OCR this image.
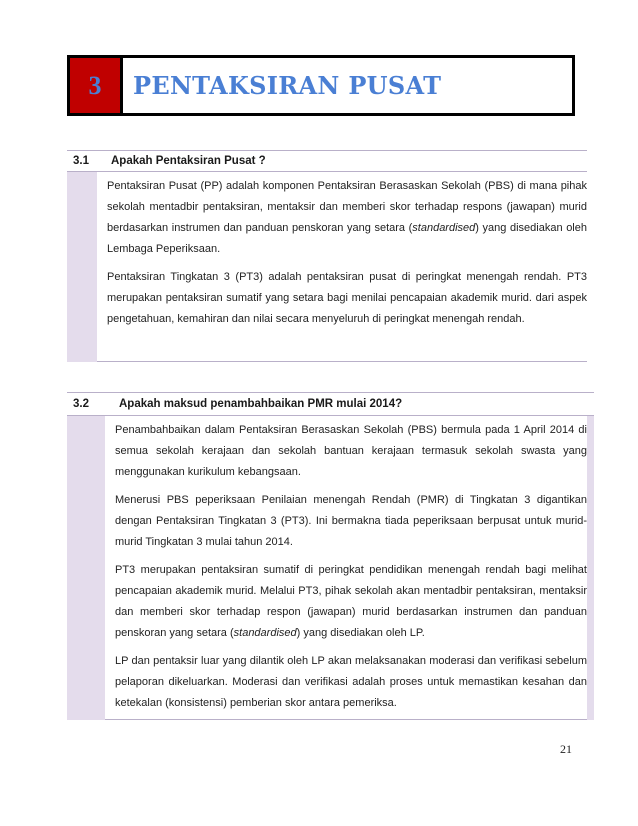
3	PENTAKSIRAN PUSAT
3.1	Apakah Pentaksiran Pusat ?

Pentaksiran Pusat (PP) adalah komponen Pentaksiran Berasaskan Sekolah (PBS) di mana pihak sekolah mentadbir pentaksiran, mentaksir dan memberi skor terhadap respons (jawapan) murid berdasarkan instrumen dan panduan penskoran yang setara (standardised) yang disediakan oleh Lembaga Peperiksaan.

Pentaksiran Tingkatan 3 (PT3) adalah pentaksiran pusat di peringkat menengah rendah. PT3 merupakan pentaksiran sumatif yang setara bagi menilai pencapaian akademik murid. dari aspek pengetahuan, kemahiran dan nilai secara menyeluruh di peringkat menengah rendah.

3.2	Apakah maksud penambahbaikan PMR mulai 2014?

Penambahbaikan dalam Pentaksiran Berasaskan Sekolah (PBS) bermula pada 1 April 2014 di semua sekolah kerajaan dan sekolah bantuan kerajaan termasuk sekolah swasta yang menggunakan kurikulum kebangsaan.

Menerusi PBS peperiksaan Penilaian menengah Rendah (PMR) di Tingkatan 3 digantikan dengan Pentaksiran Tingkatan 3 (PT3). Ini bermakna tiada peperiksaan berpusat untuk murid-murid Tingkatan 3 mulai tahun 2014.

PT3 merupakan pentaksiran sumatif di peringkat pendidikan menengah rendah bagi melihat pencapaian akademik murid. Melalui PT3, pihak sekolah akan mentadbir pentaksiran, mentaksir dan memberi skor terhadap respon (jawapan) murid berdasarkan instrumen dan panduan penskoran yang setara (standardised) yang disediakan oleh LP.

LP dan pentaksir luar yang dilantik oleh LP akan melaksanakan moderasi dan verifikasi sebelum pelaporan dikeluarkan. Moderasi dan verifikasi adalah proses untuk memastikan kesahan dan ketekalan (konsistensi) pemberian skor antara pemeriksa.

21
